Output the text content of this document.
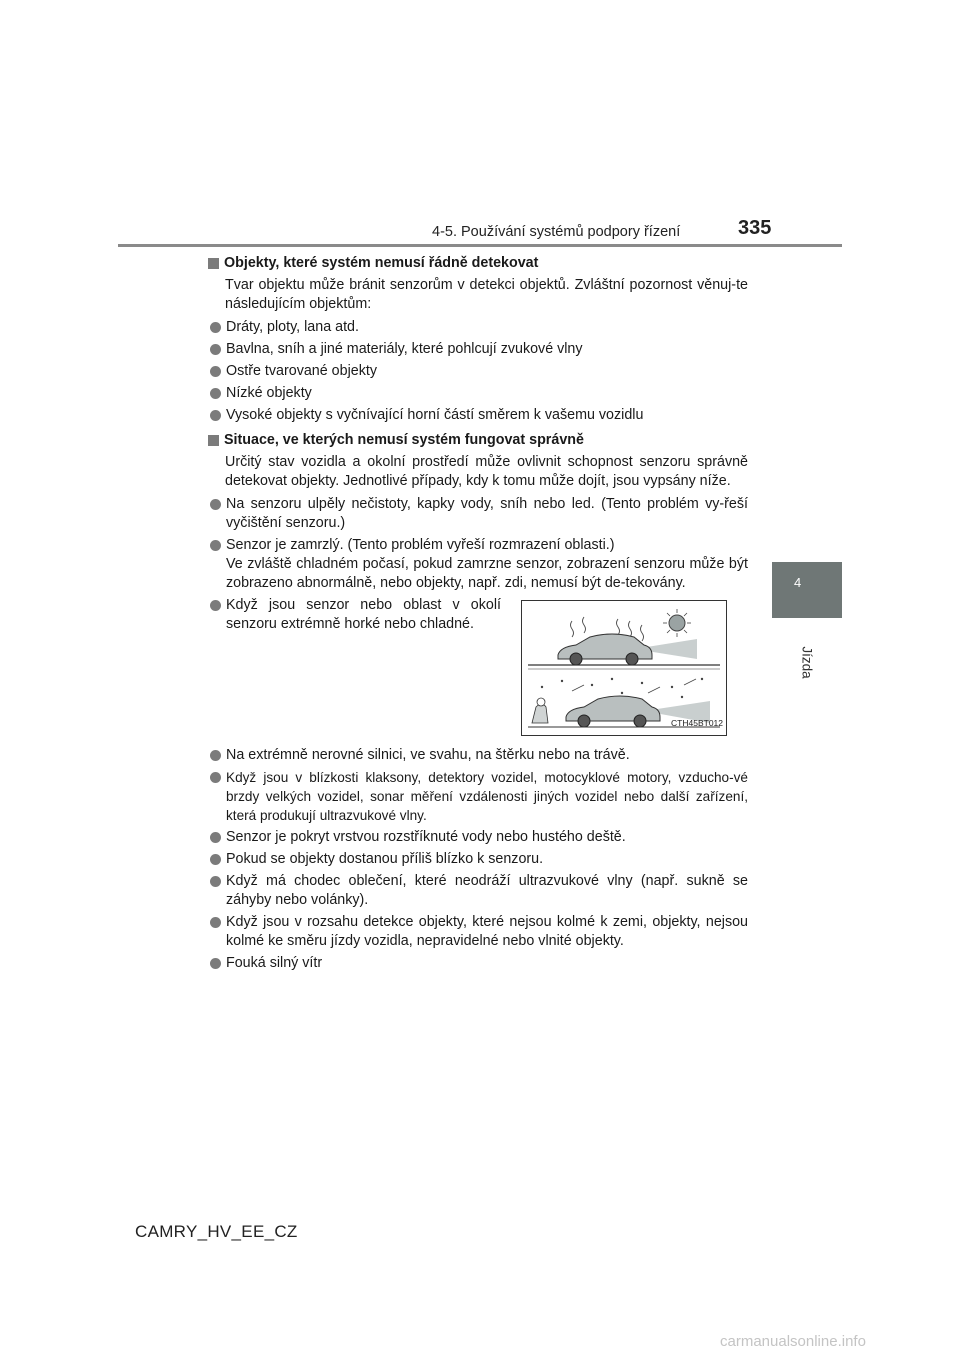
4-5. Používání systémů podpory řízení	335
4
Jízda
Objekty, které systém nemusí řádně detekovat
Tvar objektu může bránit senzorům v detekci objektů. Zvláštní pozornost věnuj-te následujícím objektům:
Dráty, ploty, lana atd.
Bavlna, sníh a jiné materiály, které pohlcují zvukové vlny
Ostře tvarované objekty
Nízké objekty
Vysoké objekty s vyčnívající horní částí směrem k vašemu vozidlu
Situace, ve kterých nemusí systém fungovat správně
Určitý stav vozidla a okolní prostředí může ovlivnit schopnost senzoru správně detekovat objekty. Jednotlivé případy, kdy k tomu může dojít, jsou vypsány níže.
Na senzoru ulpěly nečistoty, kapky vody, sníh nebo led. (Tento problém vy-řeší vyčištění senzoru.)
Senzor je zamrzlý. (Tento problém vyřeší rozmrazení oblasti.)
Ve zvláště chladném počasí, pokud zamrzne senzor, zobrazení senzoru může být zobrazeno abnormálně, nebo objekty, např. zdi, nemusí být de-tekovány.
Když jsou senzor nebo oblast v okolí senzoru extrémně horké nebo chladné.
CTH45BT012
Na extrémně nerovné silnici, ve svahu, na štěrku nebo na trávě.
Když jsou v blízkosti klaksony, detektory vozidel, motocyklové motory, vzducho-vé brzdy velkých vozidel, sonar měření vzdálenosti jiných vozidel nebo další zařízení, která produkují ultrazvukové vlny.
Senzor je pokryt vrstvou rozstříknuté vody nebo hustého deště.
Pokud se objekty dostanou příliš blízko k senzoru.
Když má chodec oblečení, které neodráží ultrazvukové vlny (např. sukně se záhyby nebo volánky).
Když jsou v rozsahu detekce objekty, které nejsou kolmé k zemi, objekty, nejsou kolmé ke směru jízdy vozidla, nepravidelné nebo vlnité objekty.
Fouká silný vítr
CAMRY_HV_EE_CZ
carmanualsonline.info
